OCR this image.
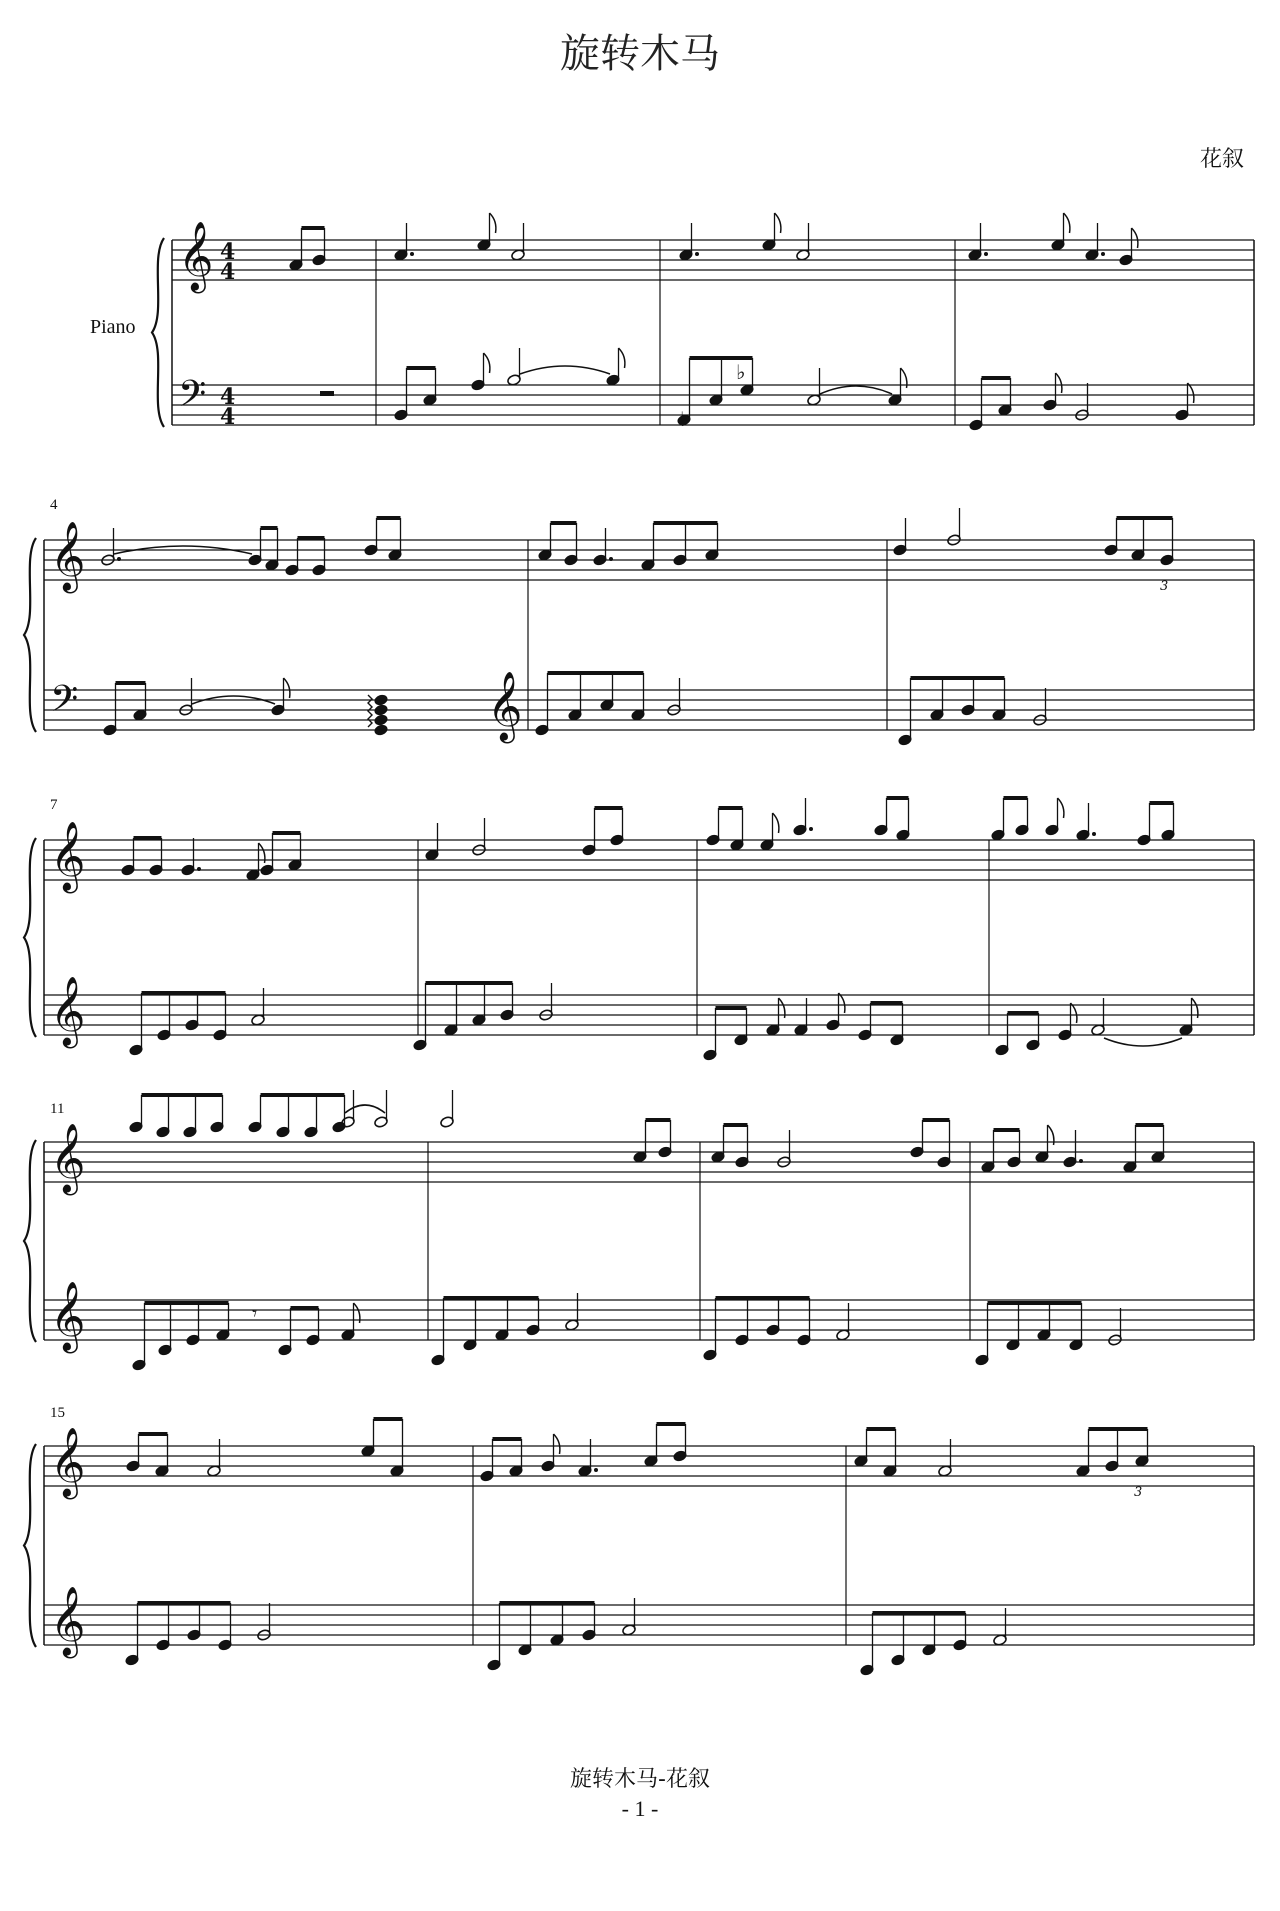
旋转木马
花叙
Piano
4
7
11
15
𝄞
𝄢
4
4
4
4
𝄞
𝄢	𝄞
𝄞
𝄞
𝄞
𝄞
𝄞
𝄞
♭
♭
3
𝄾
3
旋转木马-花叙
- 1 -
